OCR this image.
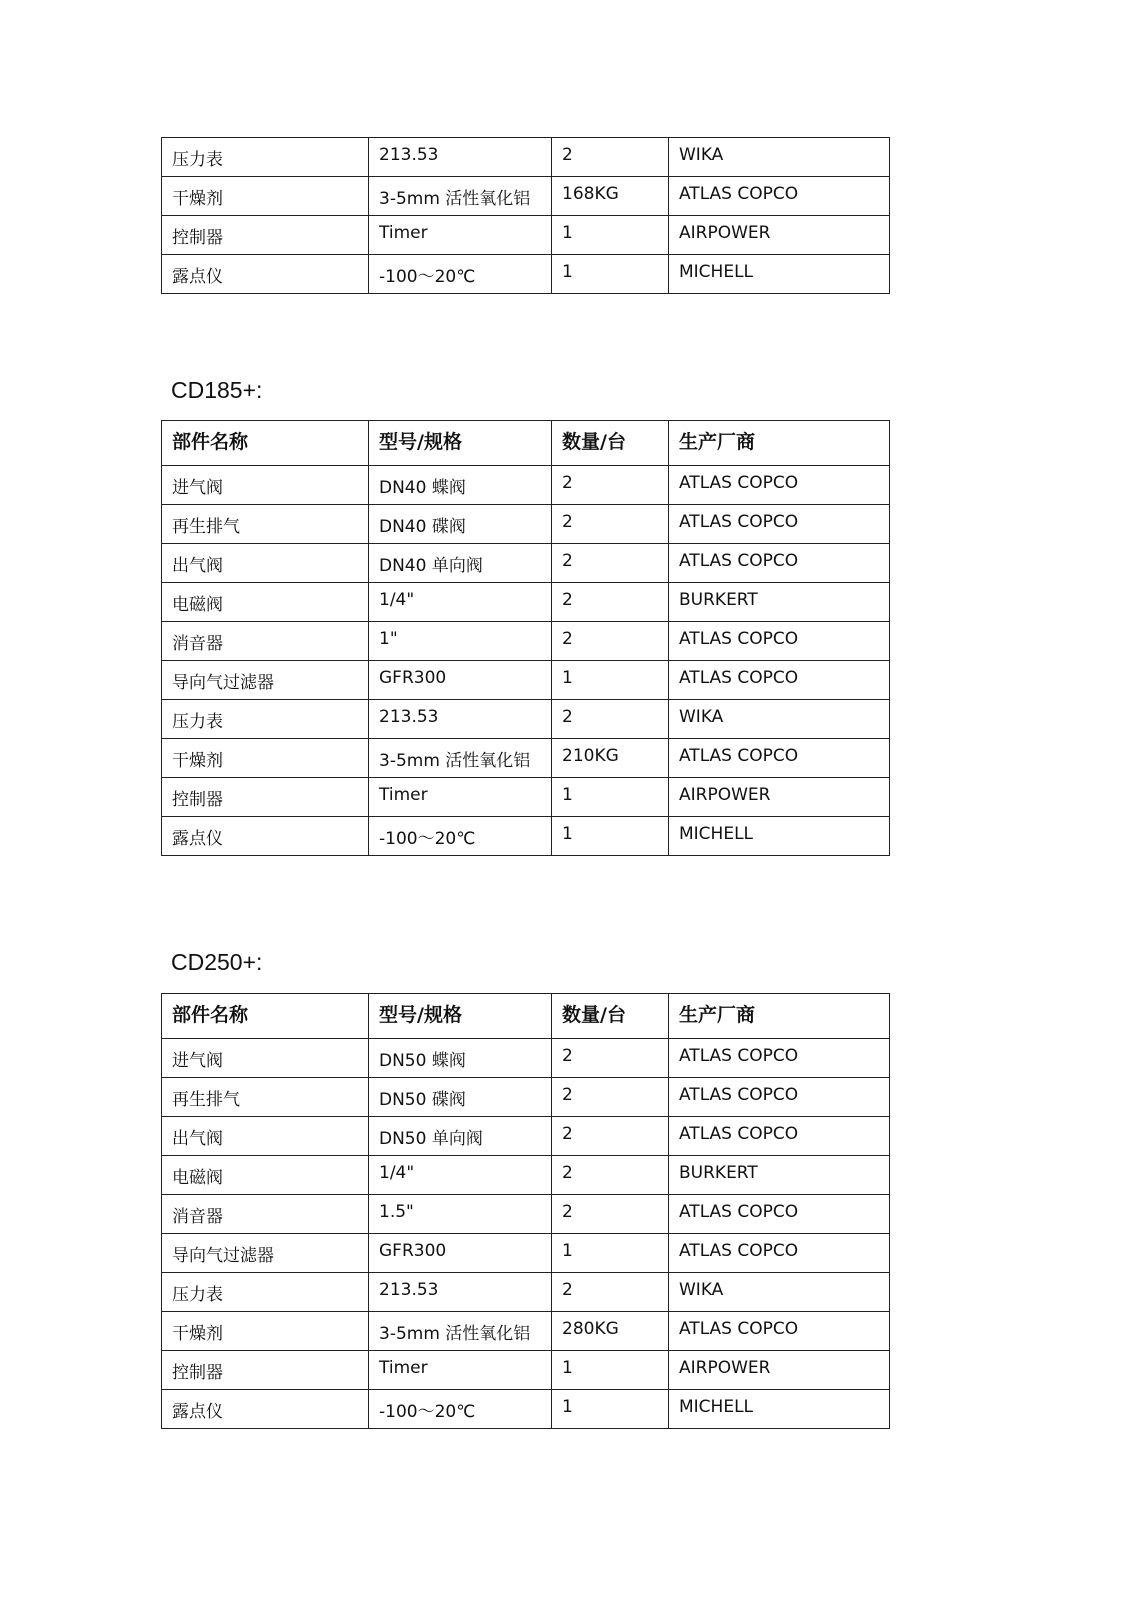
压力表	213.53	2	WIKA
干燥剂	3-5mm 活性氧化铝	168KG	ATLAS COPCO
控制器	Timer	1	AIRPOWER
露点仪	-100～20℃	1	MICHELL
CD185+:
部件名称	型号/规格	数量/台	生产厂商
进气阀	DN40 蝶阀	2	ATLAS COPCO
再生排气	DN40 碟阀	2	ATLAS COPCO
出气阀	DN40 单向阀	2	ATLAS COPCO
电磁阀	1/4"	2	BURKERT
消音器	1"	2	ATLAS COPCO
导向气过滤器	GFR300	1	ATLAS COPCO
压力表	213.53	2	WIKA
干燥剂	3-5mm 活性氧化铝	210KG	ATLAS COPCO
控制器	Timer	1	AIRPOWER
露点仪	-100～20℃	1	MICHELL
CD250+:
部件名称	型号/规格	数量/台	生产厂商
进气阀	DN50 蝶阀	2	ATLAS COPCO
再生排气	DN50 碟阀	2	ATLAS COPCO
出气阀	DN50 单向阀	2	ATLAS COPCO
电磁阀	1/4"	2	BURKERT
消音器	1.5"	2	ATLAS COPCO
导向气过滤器	GFR300	1	ATLAS COPCO
压力表	213.53	2	WIKA
干燥剂	3-5mm 活性氧化铝	280KG	ATLAS COPCO
控制器	Timer	1	AIRPOWER
露点仪	-100～20℃	1	MICHELL
